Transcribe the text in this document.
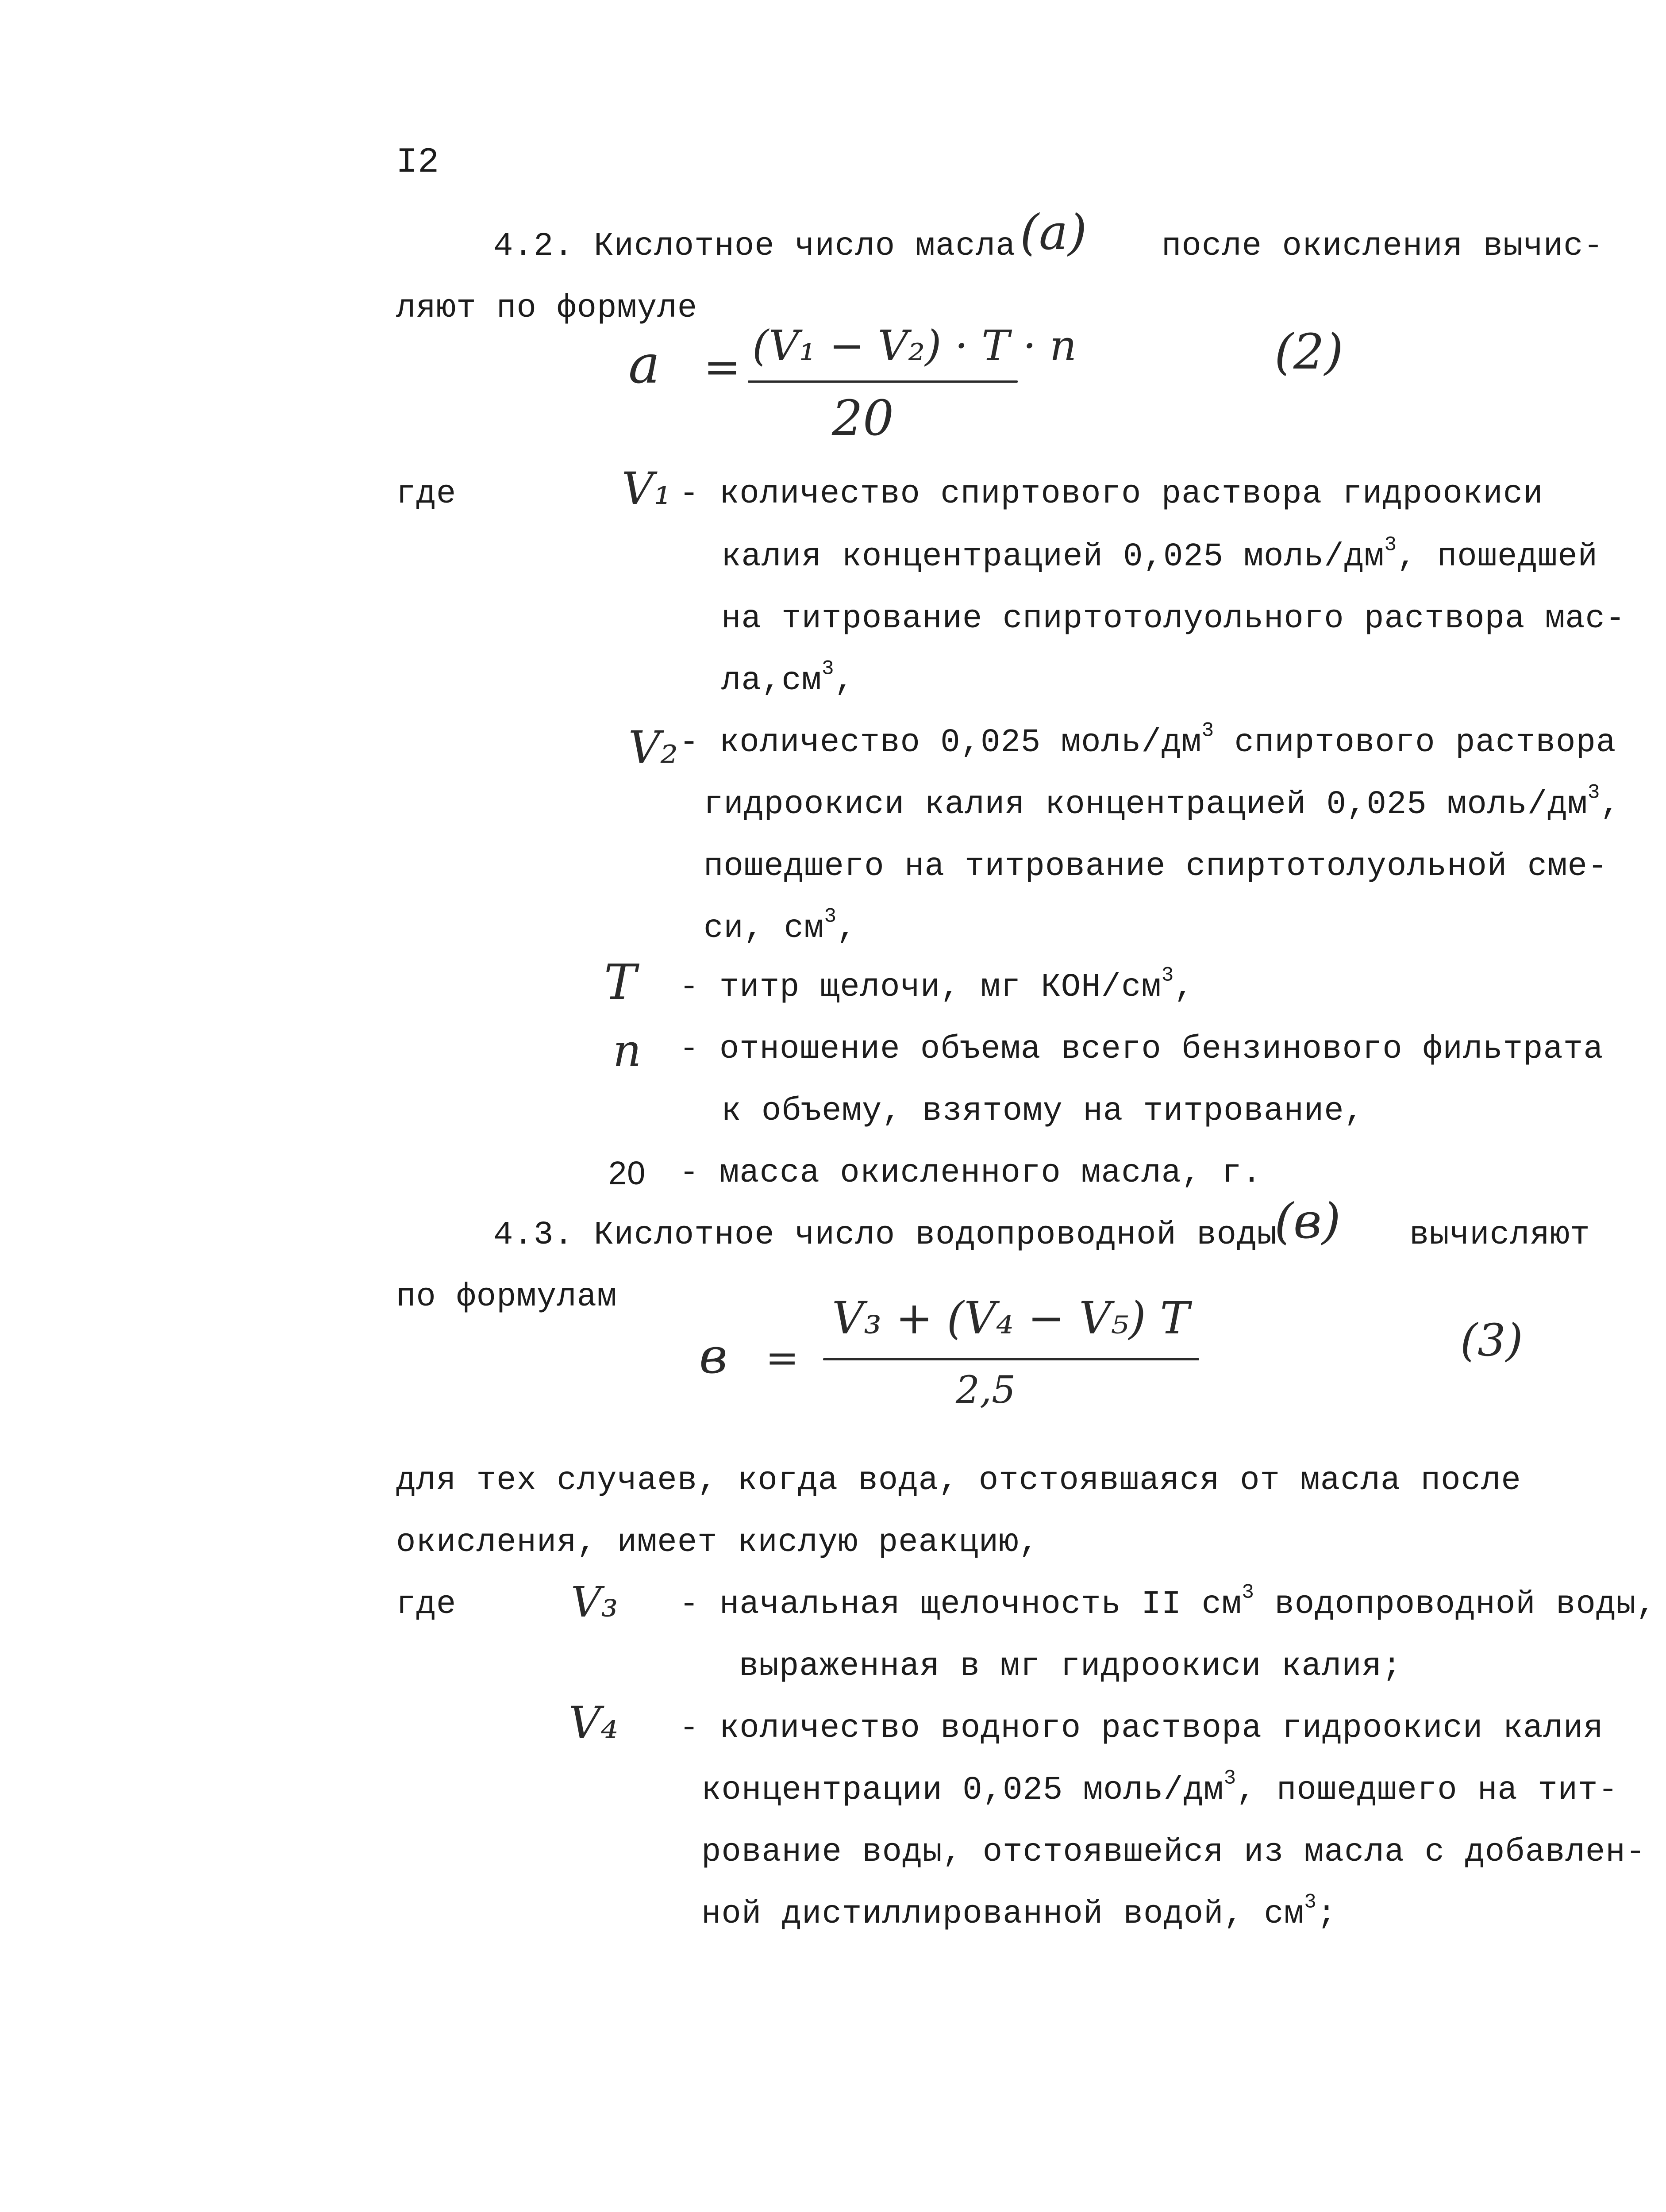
I2
4.2. Кислотное число масла (а) после окисления вычис-
ляют по формуле
а = (V₁ − V₂) · T · n
20
(2)
где	V₁ - количество спиртового раствора гидроокиси
калия концентрацией 0,025 моль/$дм^3$, пошедшей
на титрование спиртотолуольного раствора мас-
$ла,см^3$,
V₂ - количество 0,025 моль/$дм^3$ спиртового раствора
гидроокиси калия концентрацией 0,025 моль/$дм^3$,
пошедшего на титрование спиртотолуольной сме-
си, $см^3$,
T - титр щелочи, мг КОН/$см^3$,
n - отношение объема всего бензинового фильтрата
к объему, взятому на титрование,
20 - масса окисленного масла, г.
4.3. Кислотное число водопроводной воды
(в) вычисляют
по формулам
в =
V₃ + (V₄ − V₅) T
2,5
(3)
для тех случаев, когда вода, отстоявшаяся от масла после
окисления, имеет кислую реакцию,
где	V₃ - начальная щелочность II $см^3$ водопроводной воды,
выраженная в мг гидроокиси калия;
V₄ - количество водного раствора гидроокиси калия
концентрации 0,025 моль/$дм^3$, пошедшего на тит-
рование воды, отстоявшейся из масла с добавлен-
ной дистиллированной водой, $см^3$;
